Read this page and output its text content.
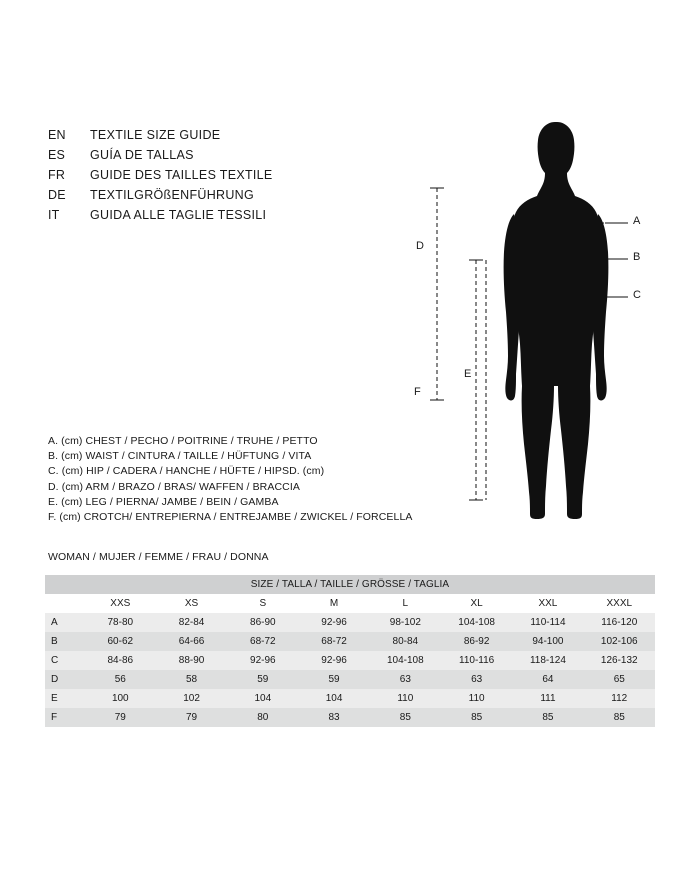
EN	TEXTILE SIZE GUIDE
ES	GUÍA DE TALLAS
FR	GUIDE DES TAILLES TEXTILE
DE	TEXTILGRÖßENFÜHRUNG
IT	GUIDA ALLE TAGLIE TESSILI	A
B
C
D
E
F
A. (cm) CHEST / PECHO / POITRINE / TRUHE / PETTO
B. (cm) WAIST / CINTURA / TAILLE / HÜFTUNG / VITA
C. (cm) HIP / CADERA / HANCHE / HÜFTE / HIPSD. (cm)
D. (cm) ARM / BRAZO / BRAS/ WAFFEN / BRACCIA
E. (cm) LEG / PIERNA/ JAMBE / BEIN / GAMBA
F. (cm) CROTCH/ ENTREPIERNA / ENTREJAMBE / ZWICKEL / FORCELLA
WOMAN / MUJER / FEMME / FRAU / DONNA
SIZE / TALLA / TAILLE / GRÖSSE / TAGLIA								
	XXS	XS	S	M	L	XL	XXL	XXXL
A	78-80	82-84	86-90	92-96	98-102	104-108	110-114	116-120
B	60-62	64-66	68-72	68-72	80-84	86-92	94-100	102-106
C	84-86	88-90	92-96	92-96	104-108	110-116	118-124	126-132
D	56	58	59	59	63	63	64	65
E	100	102	104	104	110	110	111	112
F	79	79	80	83	85	85	85	85
